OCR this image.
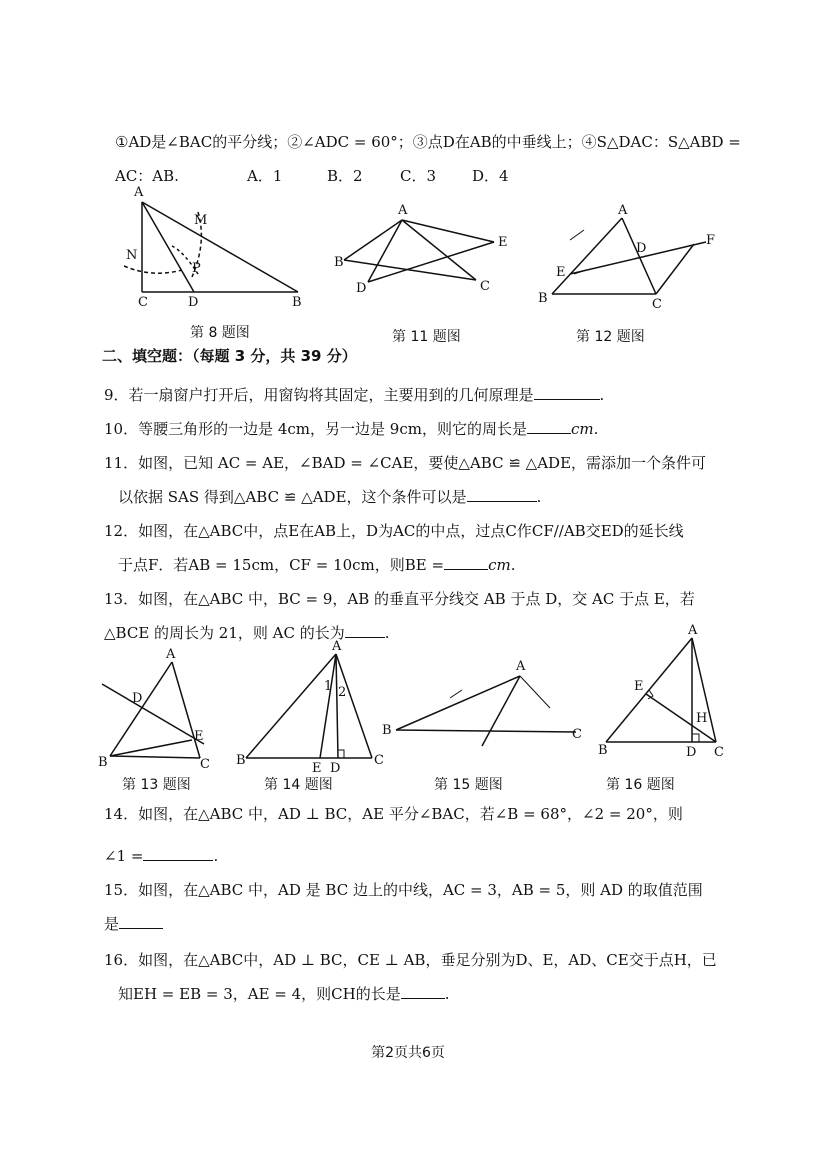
①AD是∠BAC的平分线；②∠ADC = 60°；③点D在AB的中垂线上；④S△DAC：S△ABD =
AC：AB.	A．1	B．2 C．3 D．4
A
M
N
P
C	D	B
第 8 题图
A
B
D
E
C
第 11 题图
A
D
F
E
B	C
第 12 题图
二、填空题：（每题 3 分，共 39 分）
9．若一扇窗户打开后，用窗钩将其固定，主要用到的几何原理是	.
10．等腰三角形的一边是 4cm，另一边是 9cm，则它的周长是	cm.
11．如图，已知 AC = AE，∠BAD = ∠CAE，要使△ABC ≌ △ADE，需添加一个条件可
以依据 SAS 得到△ABC ≌ △ADE，这个条件可以是	.
12．如图，在△ABC中，点E在AB上，D为AC的中点，过点C作CF//AB交ED的延长线
于点F．若AB = 15cm，CF = 10cm，则BE =	cm.
13．如图，在△ABC 中，BC = 9，AB 的垂直平分线交 AB 于点 D，交 AC 于点 E，若
△BCE 的周长为 21，则 AC 的长为	.
A
D
E
B	C
第 13 题图
A
1 2
B
E D
C
第 14 题图
A
B	C
第 15 题图
A
E
H
B	D C
第 16 题图
14．如图，在△ABC 中，AD ⊥ BC，AE 平分∠BAC，若∠B = 68°，∠2 = 20°，则
∠1 =	.
15．如图，在△ABC 中，AD 是 BC 边上的中线，AC = 3，AB = 5，则 AD 的取值范围
是
16．如图，在△ABC中，AD ⊥ BC，CE ⊥ AB，垂足分别为D、E，AD、CE交于点H，已
知EH = EB = 3，AE = 4，则CH的长是	.
第2页共6页
